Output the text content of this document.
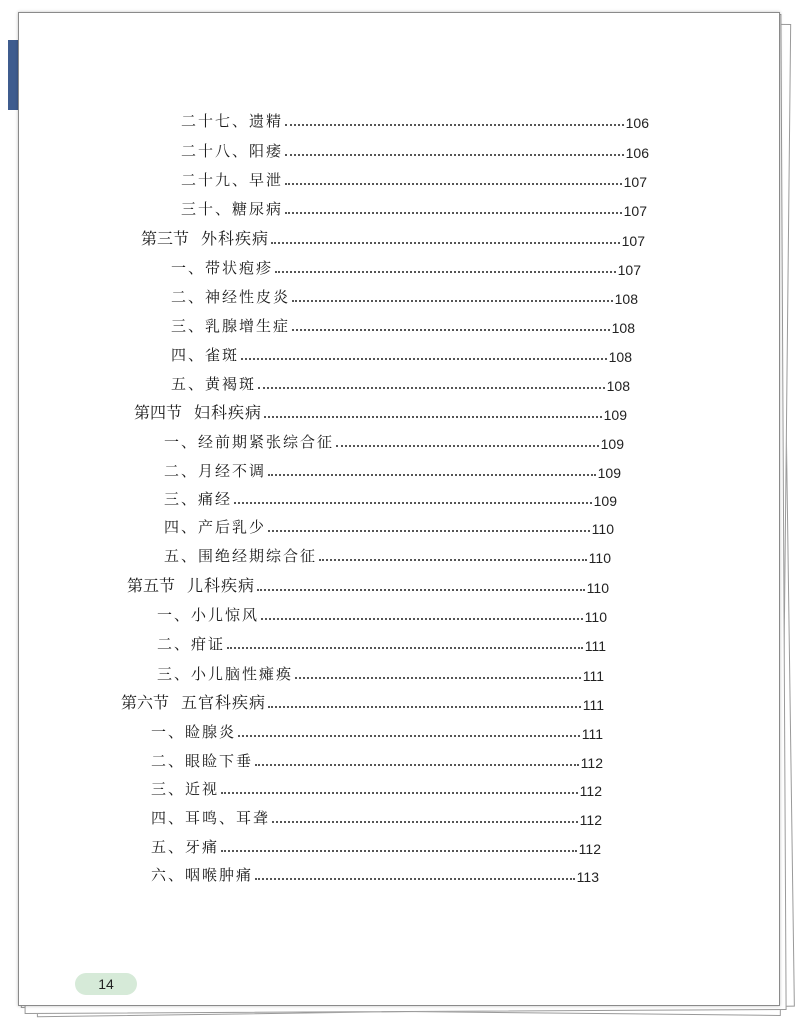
二十七、遗精	106
二十八、阳痿	106
二十九、早泄	107
三十、糖尿病	107
第三节 外科疾病	107
一、带状疱疹	107
二、神经性皮炎	108
三、乳腺增生症	108
四、雀斑	108
五、黄褐斑	108
第四节 妇科疾病	109
一、经前期紧张综合征	109
二、月经不调	109
三、痛经	109
四、产后乳少	110
五、围绝经期综合征	110
第五节 儿科疾病	110
一、小儿惊风	110
二、疳证	111
三、小儿脑性瘫痪	111
第六节 五官科疾病	111
一、睑腺炎	111
二、眼睑下垂	112
三、近视	112
四、耳鸣、耳聋	112
五、牙痛	112
六、咽喉肿痛	113
14
